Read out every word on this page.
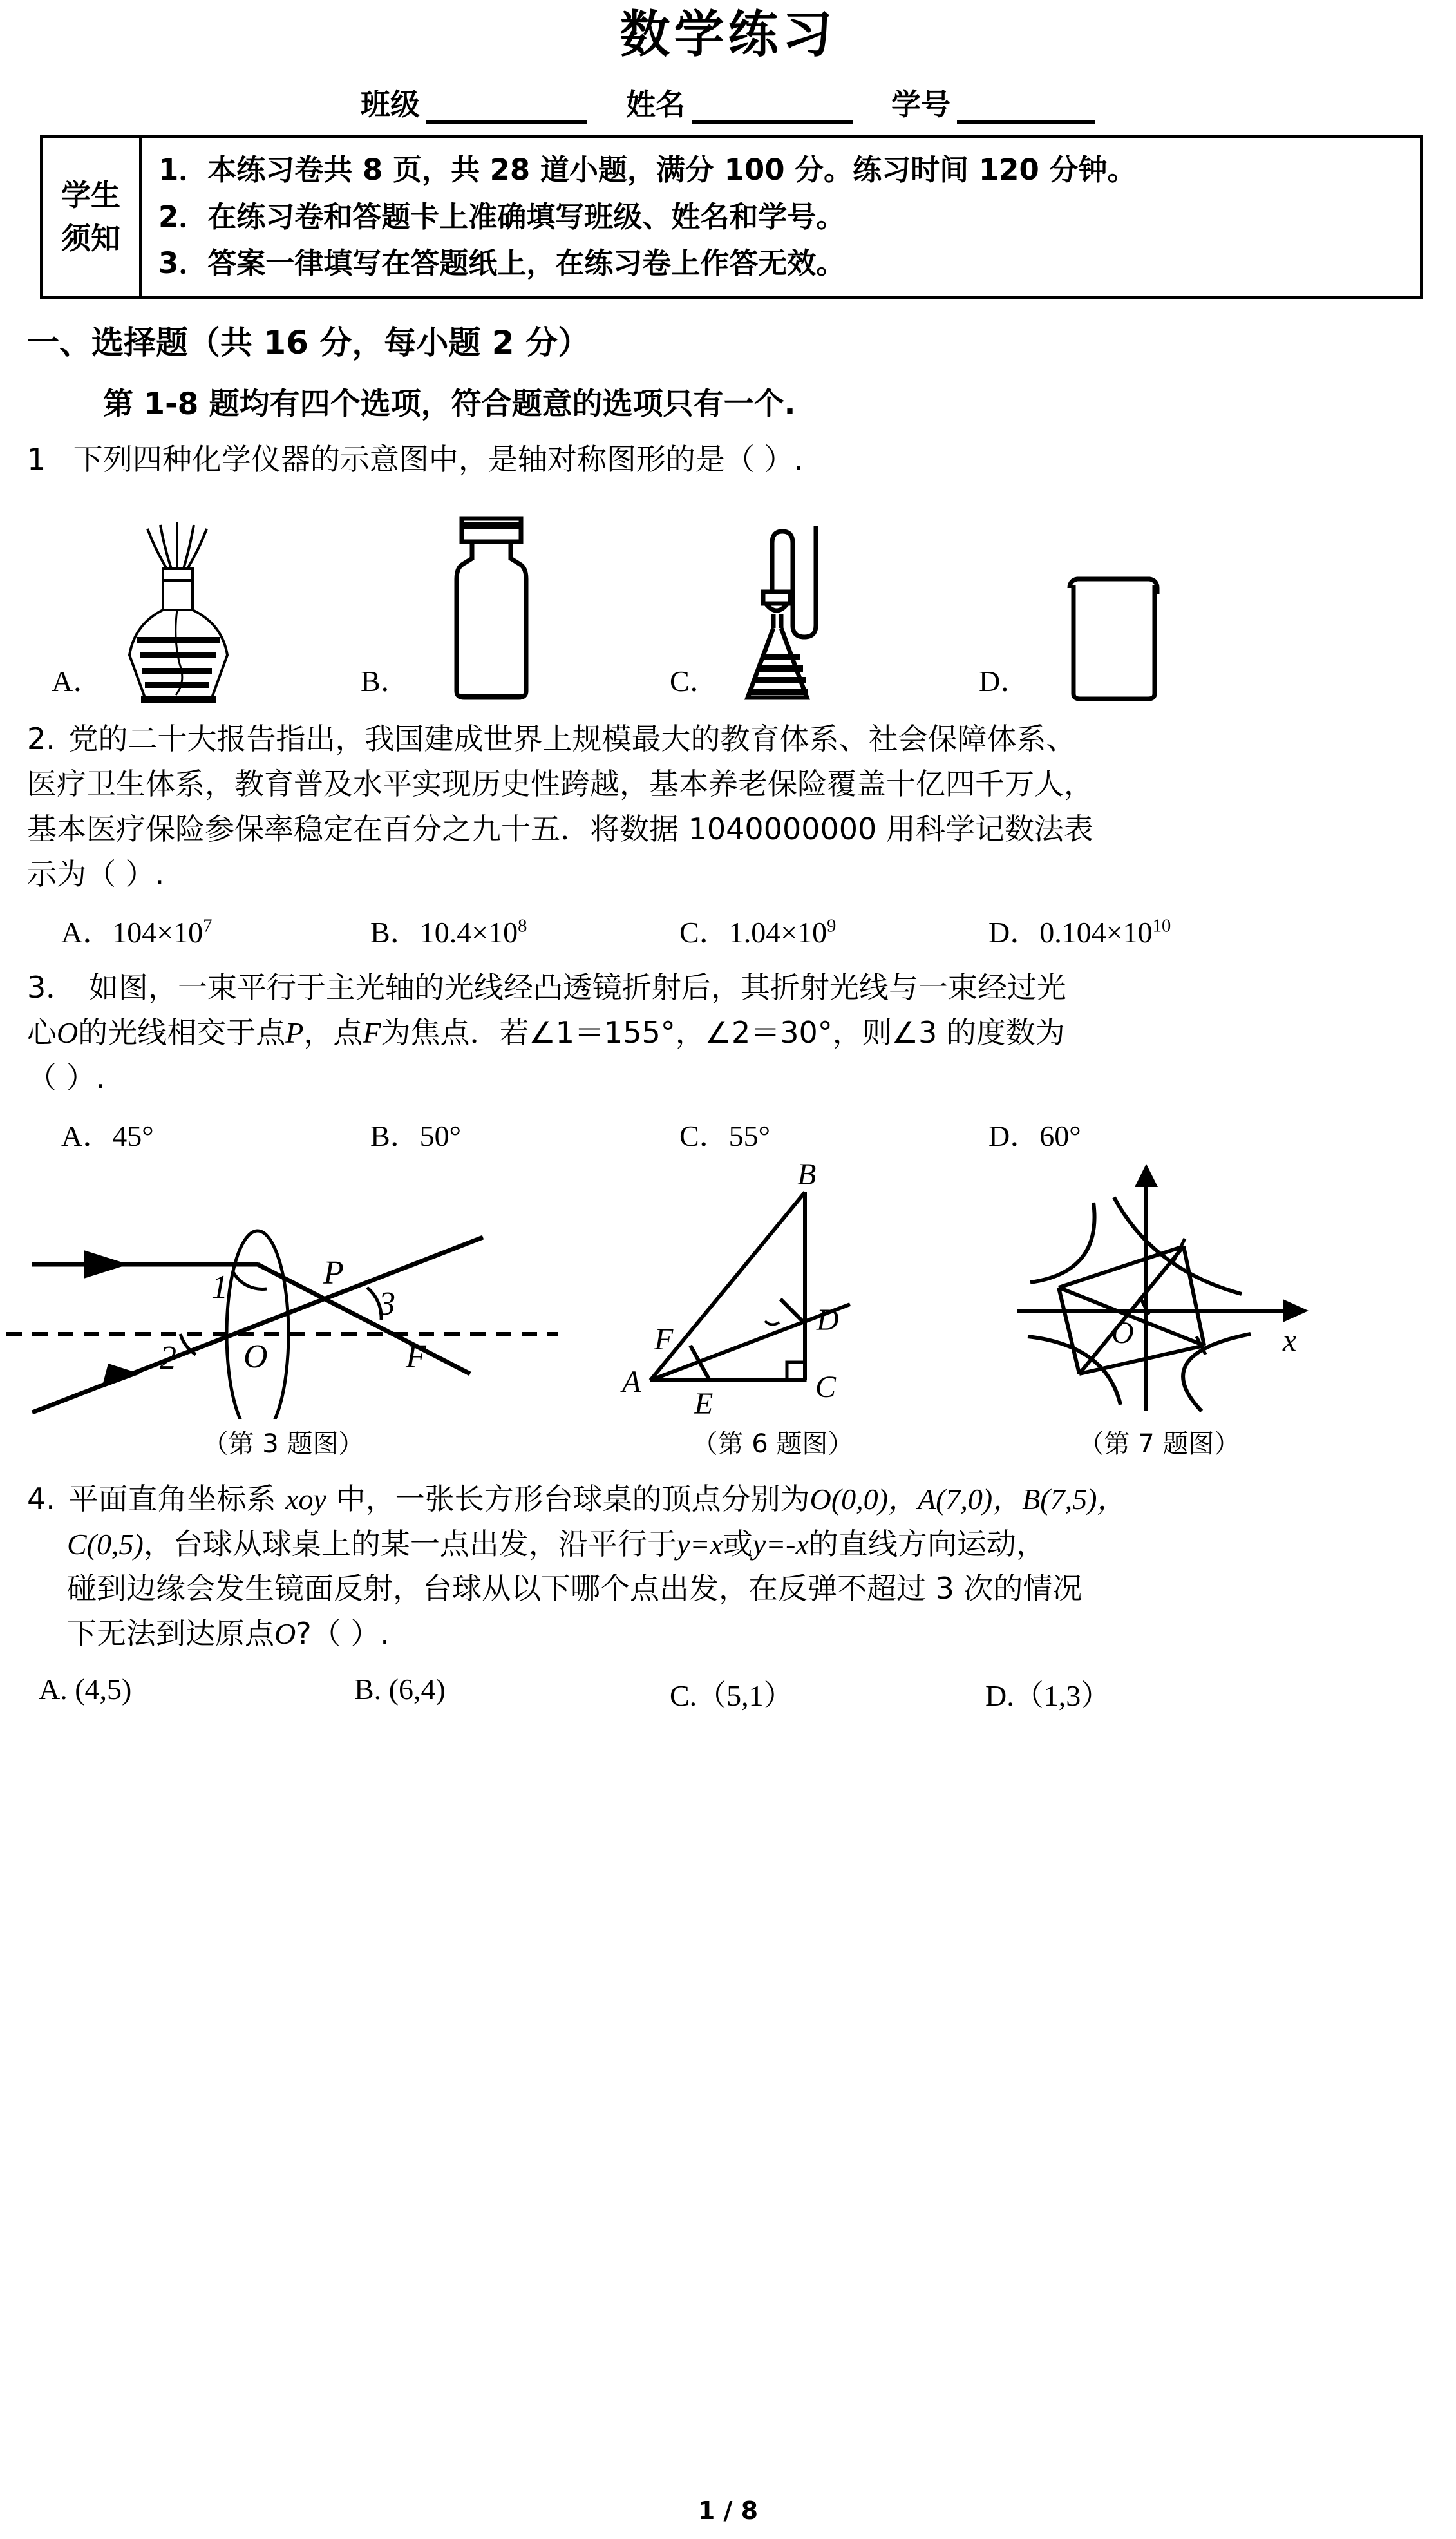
数学练习
班级	姓名	学号
学生
须知
1．本练习卷共 8 页，共 28 道小题，满分 100 分。练习时间 120 分钟。
2．在练习卷和答题卡上准确填写班级、姓名和学号。
3．答案一律填写在答题纸上，在练习卷上作答无效。
一、选择题（共 16 分，每小题 2 分）
第 1-8 题均有四个选项，符合题意的选项只有一个.
1 下列四种化学仪器的示意图中，是轴对称图形的是（ ）.
A．	B．	C．	D．
2. 党的二十大报告指出，我国建成世界上规模最大的教育体系、社会保障体系、
医疗卫生体系，教育普及水平实现历史性跨越，基本养老保险覆盖十亿四千万人，
基本医疗保险参保率稳定在百分之九十五．将数据 1040000000 用科学记数法表
示为（ ）.
A．$104\times 10^7$	B．$10.4\times 10^8$	C．$1.04\times 10^9$	D．$0.104\times 10^{10}$
3． 如图，一束平行于主光轴的光线经凸透镜折射后，其折射光线与一束经过光
心O的光线相交于点P，点F为焦点．若∠1＝155°，∠2＝30°，则∠3 的度数为
（ ）.
A．45°	B．50°	C．55°	D．60°
1
2
3
P
O	F
（第 3 题图）
B
A	C
D
E
F
（第 6 题图）
O	x
（第 7 题图）
4. 平面直角坐标系 xoy 中，一张长方形台球桌的顶点分别为O(0,0)，A(7,0)，B(7,5)，
C(0,5)，台球从球桌上的某一点出发，沿平行于y=x或y=-x的直线方向运动，
碰到边缘会发生镜面反射，台球从以下哪个点出发，在反弹不超过 3 次的情况
下无法到达原点O?（ ）.
A. (4,5)	B. (6,4)	C.（5,1）	D.（1,3）
1 / 8
